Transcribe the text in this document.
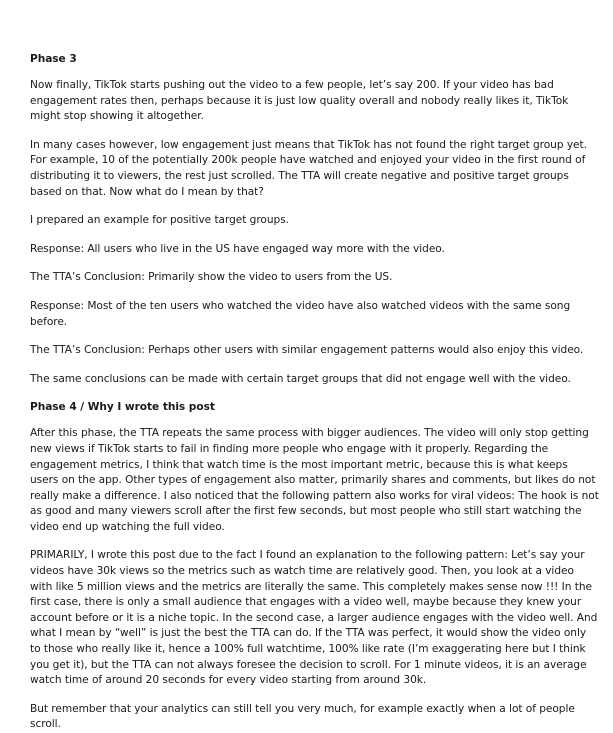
Phase 3

Now finally, TikTok starts pushing out the video to a few people, let’s say 200. If your video has bad engagement rates then, perhaps because it is just low quality overall and nobody really likes it, TikTok might stop showing it altogether.

In many cases however, low engagement just means that TikTok has not found the right target group yet. For example, 10 of the potentially 200k people have watched and enjoyed your video in the first round of distributing it to viewers, the rest just scrolled. The TTA will create negative and positive target groups based on that. Now what do I mean by that?

I prepared an example for positive target groups.

Response: All users who live in the US have engaged way more with the video.

The TTA’s Conclusion: Primarily show the video to users from the US.

Response: Most of the ten users who watched the video have also watched videos with the same song before.

The TTA’s Conclusion: Perhaps other users with similar engagement patterns would also enjoy this video.

The same conclusions can be made with certain target groups that did not engage well with the video.

Phase 4 / Why I wrote this post

After this phase, the TTA repeats the same process with bigger audiences. The video will only stop getting new views if TikTok starts to fail in finding more people who engage with it properly. Regarding the engagement metrics, I think that watch time is the most important metric, because this is what keeps users on the app. Other types of engagement also matter, primarily shares and comments, but likes do not really make a difference. I also noticed that the following pattern also works for viral videos: The hook is not as good and many viewers scroll after the first few seconds, but most people who still start watching the video end up watching the full video.

PRIMARILY, I wrote this post due to the fact I found an explanation to the following pattern: Let’s say your videos have 30k views so the metrics such as watch time are relatively good. Then, you look at a video with like 5 million views and the metrics are literally the same. This completely makes sense now !!! In the first case, there is only a small audience that engages with a video well, maybe because they knew your account before or it is a niche topic. In the second case, a larger audience engages with the video well. And what I mean by “well” is just the best the TTA can do. If the TTA was perfect, it would show the video only to those who really like it, hence a 100% full watchtime, 100% like rate (I’m exaggerating here but I think you get it), but the TTA can not always foresee the decision to scroll. For 1 minute videos, it is an average watch time of around 20 seconds for every video starting from around 30k.

But remember that your analytics can still tell you very much, for example exactly when a lot of people scroll.
